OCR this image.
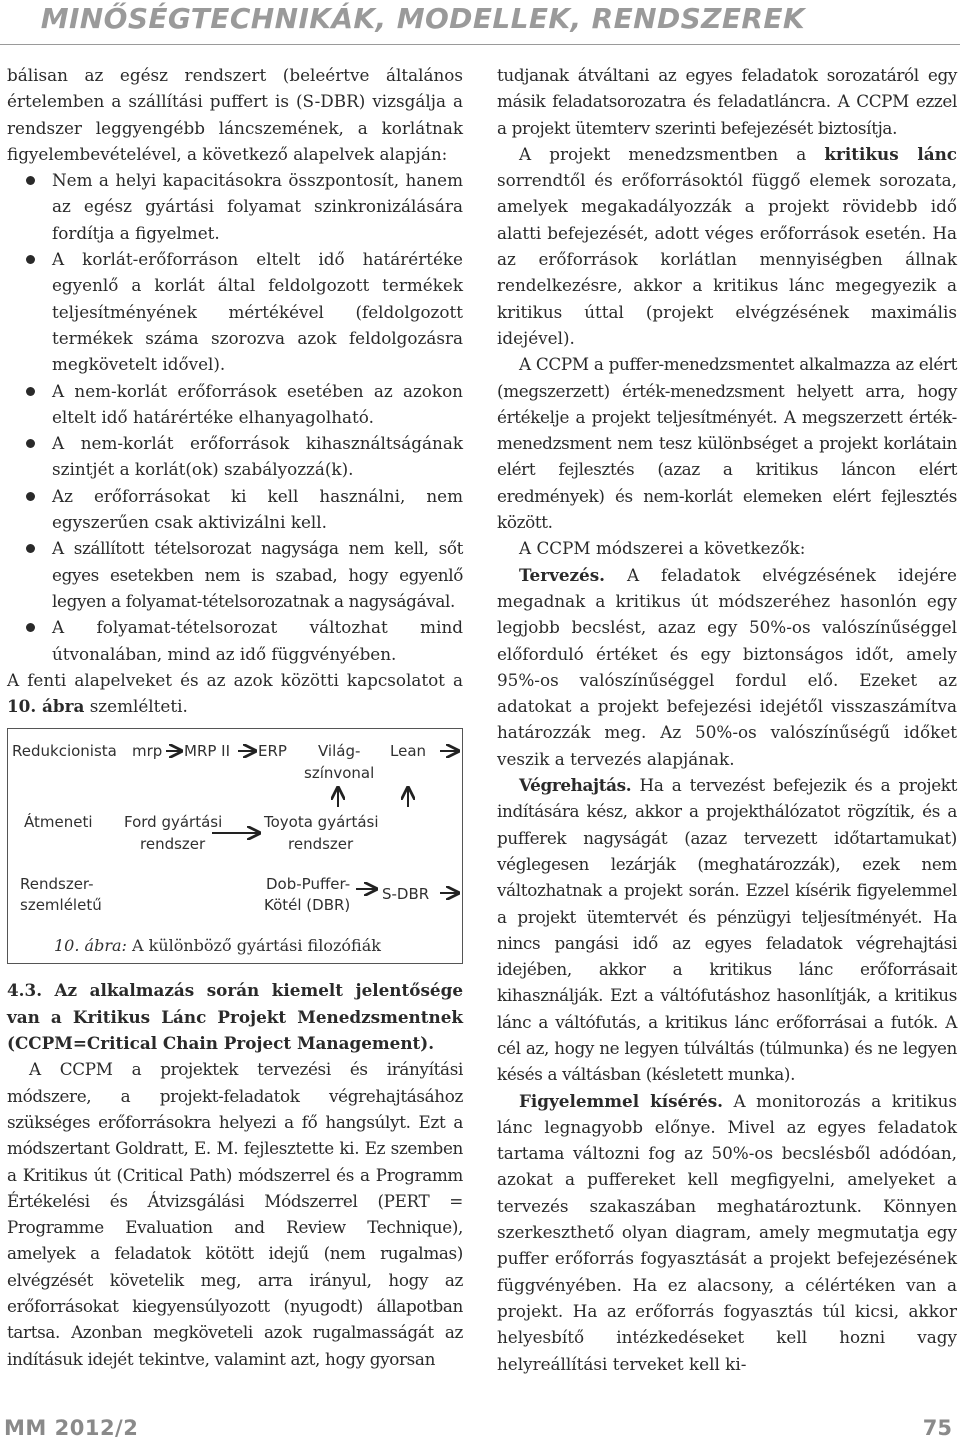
MINŐSÉGTECHNIKÁK, MODELLEK, RENDSZEREK

bálisan az egész rendszert (beleértve általános értelemben a szállítási puffert is (S-DBR) vizsgálja a rendszer leggyengébb láncszemének, a korlátnak figyelembevételével, a következő alapelvek alapján:

Nem a helyi kapacitásokra összpontosít, hanem az egész gyártási folyamat szinkronizálására fordítja a figyelmet.
A korlát-erőforráson eltelt idő határértéke egyenlő a korlát által feldolgozott termékek teljesítményének mértékével (feldolgozott termékek száma szorozva azok feldolgozásra megkövetelt idővel).
A nem-korlát erőforrások esetében az azokon eltelt idő határértéke elhanyagolható.
A nem-korlát erőforrások kihasználtságának szintjét a korlát(ok) szabályozzá(k).
Az erőforrásokat ki kell használni, nem egyszerűen csak aktivizálni kell.
A szállított tételsorozat nagysága nem kell, sőt egyes esetekben nem is szabad, hogy egyenlő legyen a folyamat-tételsorozatnak a nagyságával.
A folyamat-tételsorozat változhat mind útvonalában, mind az idő függvényében.

A fenti alapelveket és az azok közötti kapcsolatot a 10. ábra szemlélteti.

Redukcionista
Átmeneti
Rendszer-
szemléletű
mrp MRP II ERP Világ-
színvonal
Lean
Ford gyártási
rendszer
Toyota gyártási
rendszer
Dob-Puffer-
Kötél (DBR)
S-DBR
10. ábra: A különböző gyártási filozófiák

4.3. Az alkalmazás során kiemelt jelentősége van a Kritikus Lánc Projekt Menedzsmentnek (CCPM=Critical Chain Project Management).

A CCPM a projektek tervezési és irányítási módszere, a projekt-feladatok végrehajtásához szükséges erőforrásokra helyezi a fő hangsúlyt. Ezt a módszertant Goldratt, E. M. fejlesztette ki. Ez szemben a Kritikus út (Critical Path) módszerrel és a Programm Értékelési és Átvizsgálási Módszerrel (PERT = Programme Evaluation and Review Technique), amelyek a feladatok kötött idejű (nem rugalmas) elvégzését követelik meg, arra irányul, hogy az erőforrásokat kiegyensúlyozott (nyugodt) állapotban tartsa. Azonban megköveteli azok rugalmasságát az indításuk idejét tekintve, valamint azt, hogy gyorsan

tudjanak átváltani az egyes feladatok sorozatáról egy másik feladatsorozatra és feladatláncra. A CCPM ezzel a projekt ütemterv szerinti befejezését biztosítja.

A projekt menedzsmentben a kritikus lánc sorrendtől és erőforrásoktól függő elemek sorozata, amelyek megakadályozzák a projekt rövidebb idő alatti befejezését, adott véges erőforrások esetén. Ha az erőforrások korlátlan mennyiségben állnak rendelkezésre, akkor a kritikus lánc megegyezik a kritikus úttal (projekt elvégzésének maximális idejével).

A CCPM a puffer-menedzsmentet alkalmazza az elért (megszerzett) érték-menedzsment helyett arra, hogy értékelje a projekt teljesítményét. A megszerzett érték-menedzsment nem tesz különbséget a projekt korlátain elért fejlesztés (azaz a kritikus láncon elért eredmények) és nem-korlát elemeken elért fejlesztés között.

A CCPM módszerei a következők:

Tervezés. A feladatok elvégzésének idejére megadnak a kritikus út módszeréhez hasonlón egy legjobb becslést, azaz egy 50%-os valószínűséggel előforduló értéket és egy biztonságos időt, amely 95%-os valószínűséggel fordul elő. Ezeket az adatokat a projekt befejezési idejétől visszaszámítva határozzák meg. Az 50%-os valószínűségű időket veszik a tervezés alapjának.

Végrehajtás. Ha a tervezést befejezik és a projekt indítására kész, akkor a projekthálózatot rögzítik, és a pufferek nagyságát (azaz tervezett időtartamukat) véglegesen lezárják (meghatározzák), ezek nem változhatnak a projekt során. Ezzel kísérik figyelemmel a projekt ütemtervét és pénzügyi teljesítményét. Ha nincs pangási idő az egyes feladatok végrehajtási idejében, akkor a kritikus lánc erőforrásait kihasználják. Ezt a váltófutáshoz hasonlítják, a kritikus lánc a váltófutás, a kritikus lánc erőforrásai a futók. A cél az, hogy ne legyen túlváltás (túlmunka) és ne legyen késés a váltásban (késletett munka).

Figyelemmel kísérés. A monitorozás a kritikus lánc legnagyobb előnye. Mivel az egyes feladatok tartama változni fog az 50%-os becslésből adódóan, azokat a puffereket kell megfigyelni, amelyeket a tervezés szakaszában meghatároztunk. Könnyen szerkeszthető olyan diagram, amely megmutatja egy puffer erőforrás fogyasztását a projekt befejezésének függvényében. Ha ez alacsony, a célértéken van a projekt. Ha az erőforrás fogyasztás túl kicsi, akkor helyesbítő intézkedéseket kell hozni vagy helyreállítási terveket kell ki-

MM 2012/2	75
